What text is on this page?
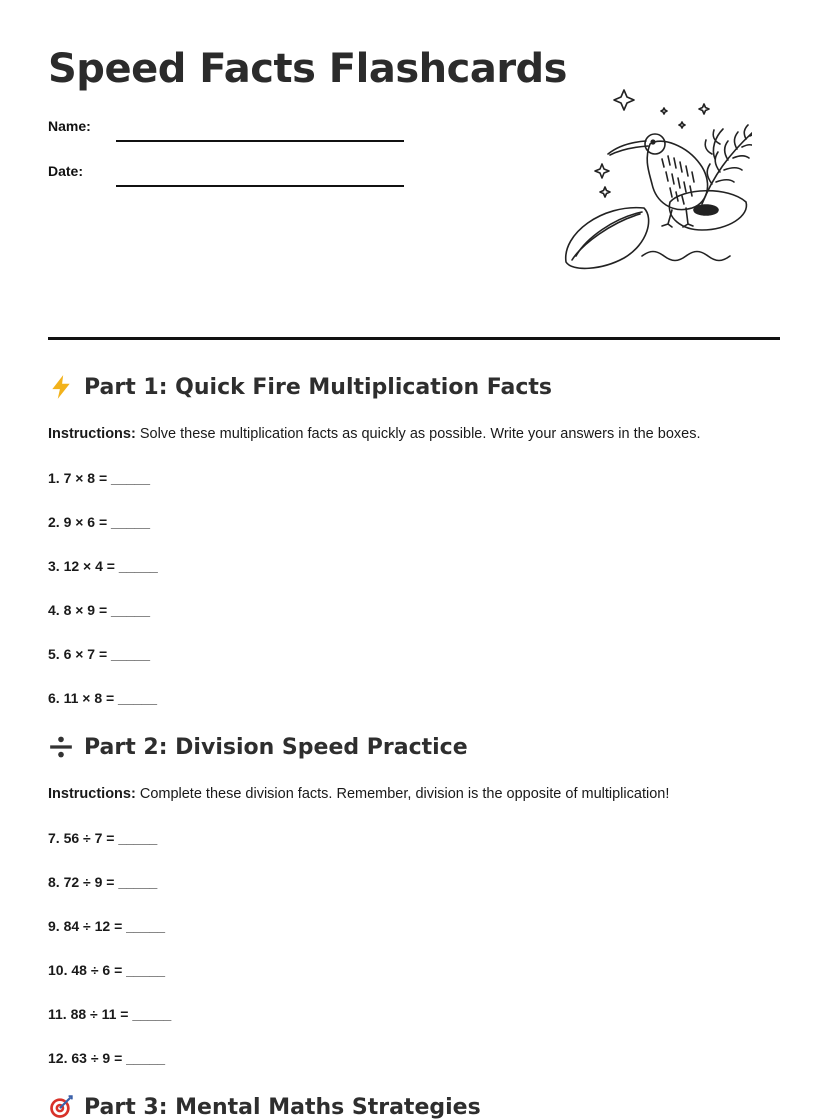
Speed Facts Flashcards
Name:
Date:
Part 1: Quick Fire Multiplication Facts
Instructions: Solve these multiplication facts as quickly as possible. Write your answers in the boxes.
1. 7 × 8 = _____
2. 9 × 6 = _____
3. 12 × 4 = _____
4. 8 × 9 = _____
5. 6 × 7 = _____
6. 11 × 8 = _____
Part 2: Division Speed Practice
Instructions: Complete these division facts. Remember, division is the opposite of multiplication!
7. 56 ÷ 7 = _____
8. 72 ÷ 9 = _____
9. 84 ÷ 12 = _____
10. 48 ÷ 6 = _____
11. 88 ÷ 11 = _____
12. 63 ÷ 9 = _____
Part 3: Mental Maths Strategies
